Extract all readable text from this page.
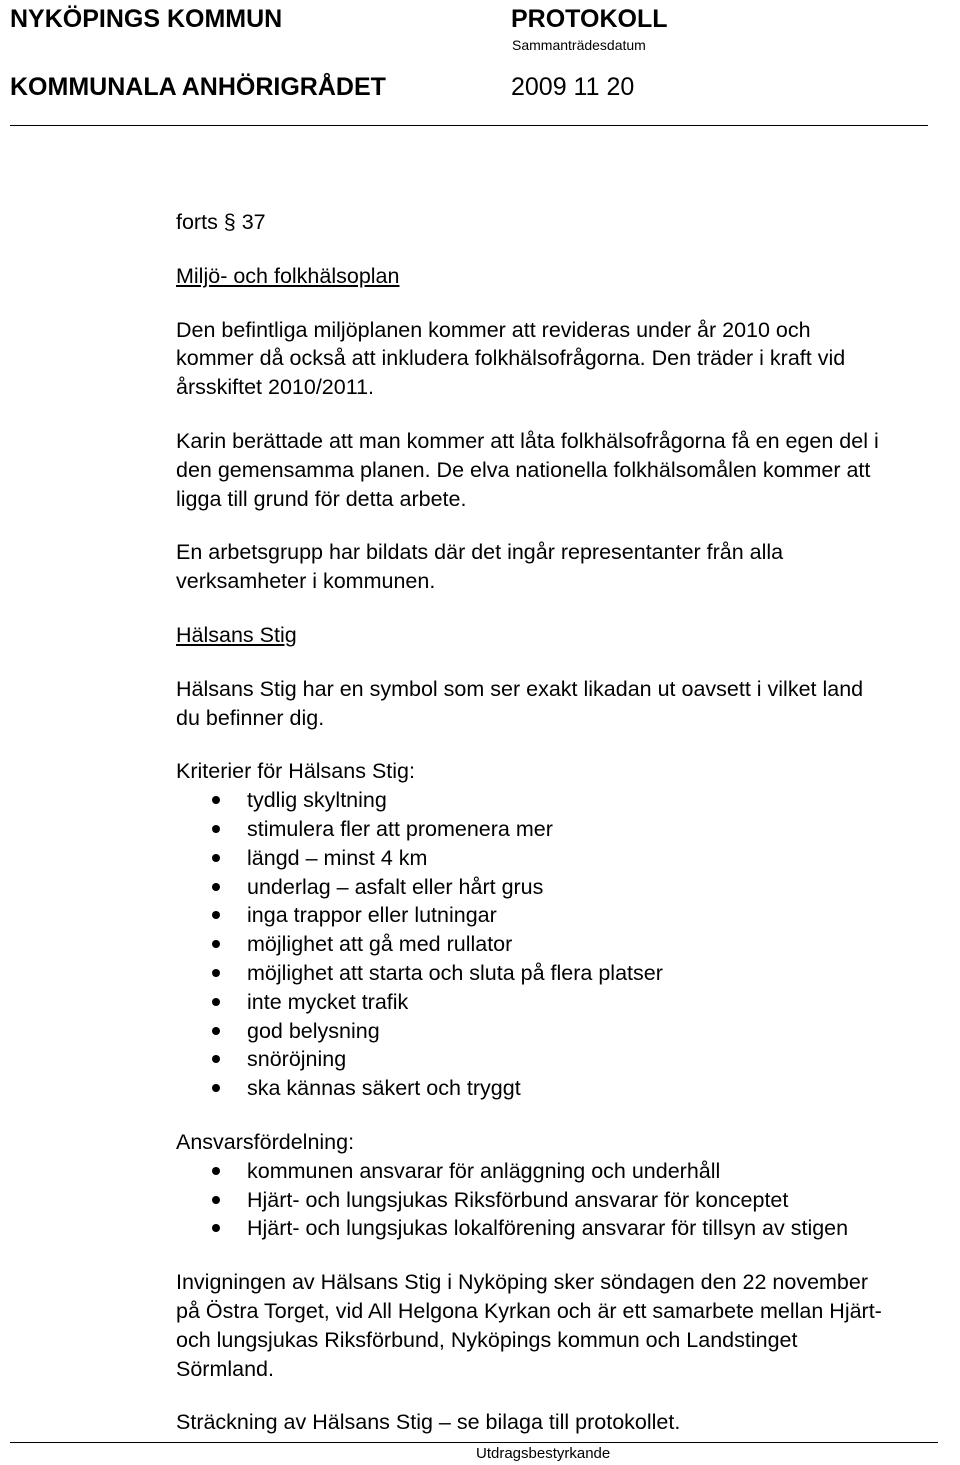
NYKÖPINGS KOMMUN	PROTOKOLL
Sammanträdesdatum
KOMMUNALA ANHÖRIGRÅDET	2009 11 20

forts § 37

Miljö- och folkhälsoplan

Den befintliga miljöplanen kommer att revideras under år 2010 och

kommer då också att inkludera folkhälsofrågorna. Den träder i kraft vid

årsskiftet 2010/2011.

Karin berättade att man kommer att låta folkhälsofrågorna få en egen del i

den gemensamma planen. De elva nationella folkhälsomålen kommer att

ligga till grund för detta arbete.

En arbetsgrupp har bildats där det ingår representanter från alla

verksamheter i kommunen.

Hälsans Stig

Hälsans Stig har en symbol som ser exakt likadan ut oavsett i vilket land

du befinner dig.

Kriterier för Hälsans Stig:

tydlig skyltning
stimulera fler att promenera mer
längd – minst 4 km
underlag – asfalt eller hårt grus
inga trappor eller lutningar
möjlighet att gå med rullator
möjlighet att starta och sluta på flera platser
inte mycket trafik
god belysning
snöröjning
ska kännas säkert och tryggt

Ansvarsfördelning:

kommunen ansvarar för anläggning och underhåll
Hjärt- och lungsjukas Riksförbund ansvarar för konceptet
Hjärt- och lungsjukas lokalförening ansvarar för tillsyn av stigen

Invigningen av Hälsans Stig i Nyköping sker söndagen den 22 november

på Östra Torget, vid All Helgona Kyrkan och är ett samarbete mellan Hjärt-

och lungsjukas Riksförbund, Nyköpings kommun och Landstinget

Sörmland.

Sträckning av Hälsans Stig – se bilaga till protokollet.

Utdragsbestyrkande
